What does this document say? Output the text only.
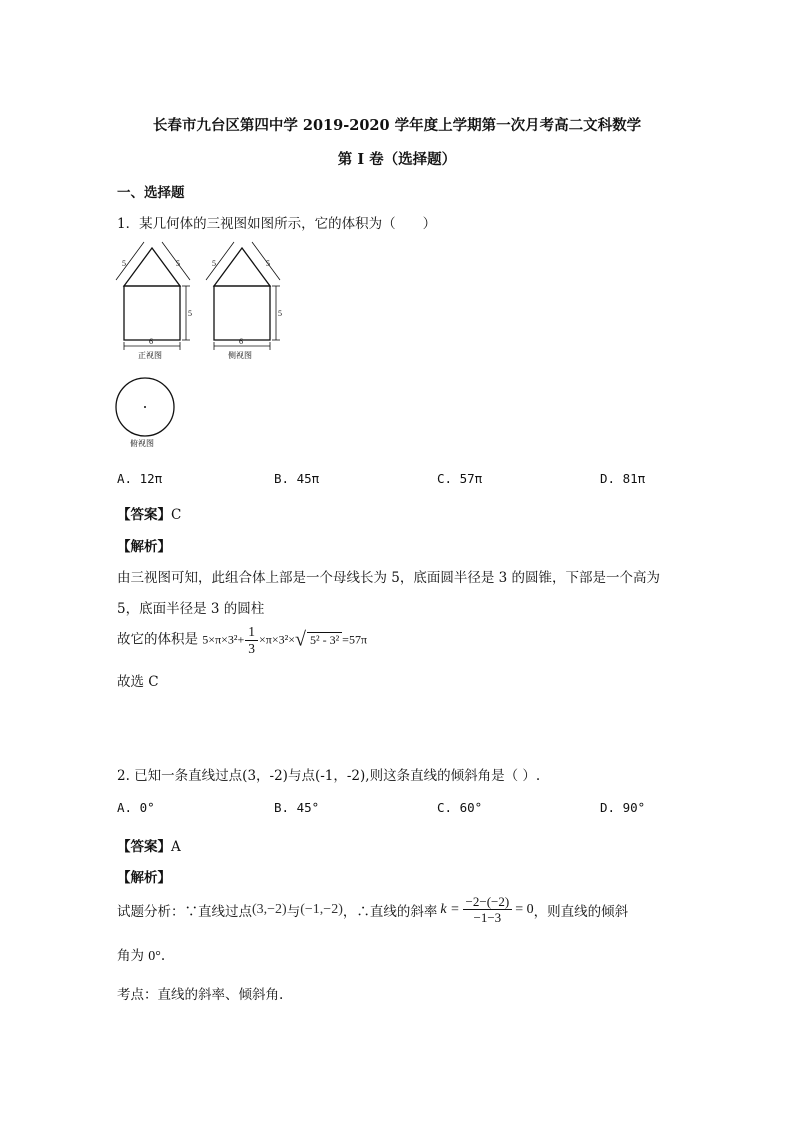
长春市九台区第四中学 2019-2020 学年度上学期第一次月考高二文科数学
第 I 卷（选择题）
一、选择题
1．某几何体的三视图如图所示，它的体积为（　　）
5	5
5
6
正视图
5	5
5
6
侧视图
俯视图
A. 12π	B. 45π	C. 57π	D. 81π
【答案】C
【解析】
由三视图可知，此组合体上部是一个母线长为 5，底面圆半径是 3 的圆锥，下部是一个高为
5，底面半径是 3 的圆柱
故它的体积是 $5\times\pi\times 3^2+ \frac{1}{3} \times\pi\times 3^2\times√$ 5² - 3² =57π
故选 C
2. 已知一条直线过点(3，-2)与点(-1，-2),则这条直线的倾斜角是（ ）.
A. 0°	B. 45°	C. 60°	D. 90°
【答案】A
【解析】
试题分析：∵直线过点 (3,−2) 与 (−1,−2) ，∴直线的斜率 $k = \frac{-2-(-2)}{-1-3} = 0$ ，则直线的倾斜
角为 0°.
考点：直线的斜率、倾斜角.
